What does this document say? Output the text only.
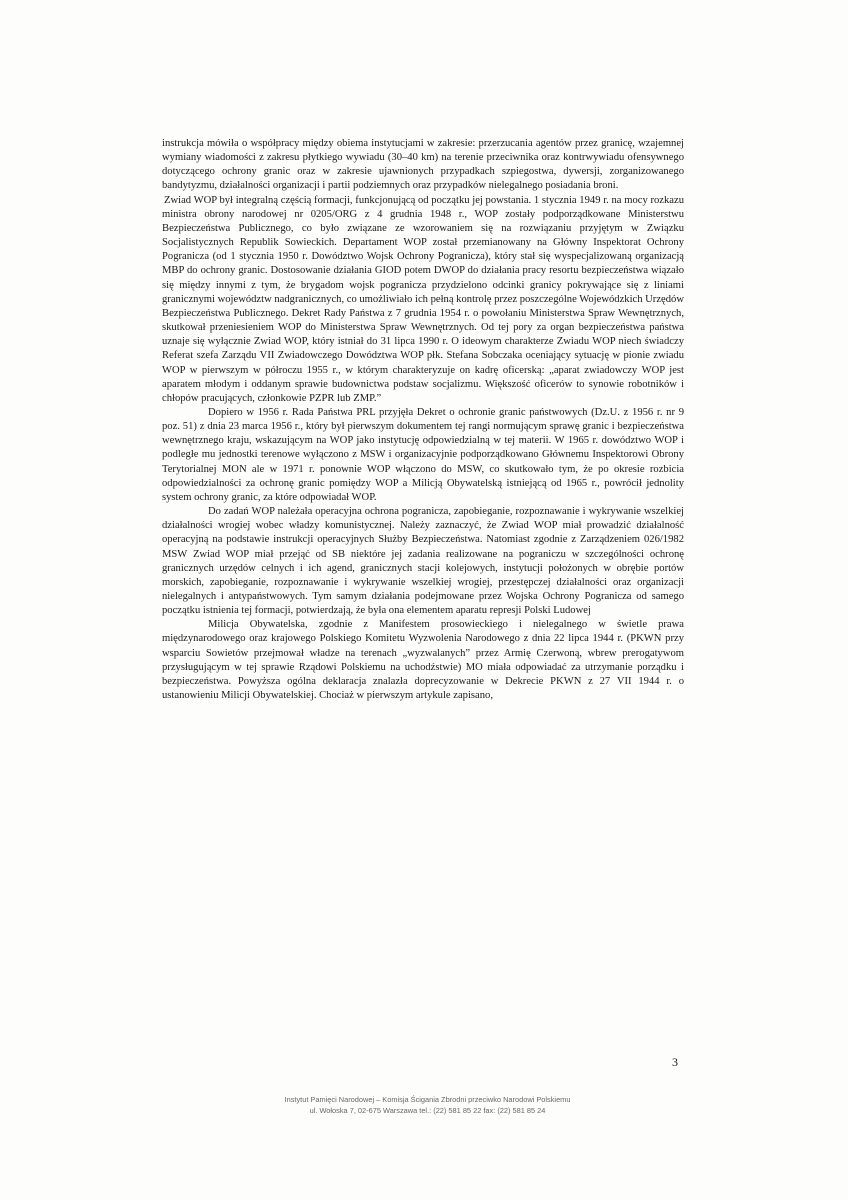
instrukcja mówiła o współpracy między obiema instytucjami w zakresie: przerzucania agentów przez granicę, wzajemnej wymiany wiadomości z zakresu płytkiego wywiadu (30–40 km) na terenie przeciwnika oraz kontrwywiadu ofensywnego dotyczącego ochrony granic oraz w zakresie ujawnionych przypadkach szpiegostwa, dywersji, zorganizowanego bandytyzmu, działalności organizacji i partii podziemnych oraz przypadków nielegalnego posiadania broni.

Zwiad WOP był integralną częścią formacji, funkcjonującą od początku jej powstania. 1 stycznia 1949 r. na mocy rozkazu ministra obrony narodowej nr 0205/ORG z 4 grudnia 1948 r., WOP zostały podporządkowane Ministerstwu Bezpieczeństwa Publicznego, co było związane ze wzorowaniem się na rozwiązaniu przyjętym w Związku Socjalistycznych Republik Sowieckich. Departament WOP został przemianowany na Główny Inspektorat Ochrony Pogranicza (od 1 stycznia 1950 r. Dowództwo Wojsk Ochrony Pogranicza), który stał się wyspecjalizowaną organizacją MBP do ochrony granic. Dostosowanie działania GIOD potem DWOP do działania pracy resortu bezpieczeństwa wiązało się między innymi z tym, że brygadom wojsk pogranicza przydzielono odcinki granicy pokrywające się z liniami granicznymi województw nadgranicznych, co umożliwiało ich pełną kontrolę przez poszczególne Wojewódzkich Urzędów Bezpieczeństwa Publicznego. Dekret Rady Państwa z 7 grudnia 1954 r. o powołaniu Ministerstwa Spraw Wewnętrznych, skutkował przeniesieniem WOP do Ministerstwa Spraw Wewnętrznych. Od tej pory za organ bezpieczeństwa państwa uznaje się wyłącznie Zwiad WOP, który istniał do 31 lipca 1990 r. O ideowym charakterze Zwiadu WOP niech świadczy Referat szefa Zarządu VII Zwiadowczego Dowództwa WOP płk. Stefana Sobczaka oceniający sytuację w pionie zwiadu WOP w pierwszym w półroczu 1955 r., w którym charakteryzuje on kadrę oficerską: „aparat zwiadowczy WOP jest aparatem młodym i oddanym sprawie budownictwa podstaw socjalizmu. Większość oficerów to synowie robotników i chłopów pracujących, członkowie PZPR lub ZMP.”

Dopiero w 1956 r. Rada Państwa PRL przyjęła Dekret o ochronie granic państwowych (Dz.U. z 1956 r. nr 9 poz. 51) z dnia 23 marca 1956 r., który był pierwszym dokumentem tej rangi normującym sprawę granic i bezpieczeństwa wewnętrznego kraju, wskazującym na WOP jako instytucję odpowiedzialną w tej materii. W 1965 r. dowództwo WOP i podległe mu jednostki terenowe wyłączono z MSW i organizacyjnie podporządkowano Głównemu Inspektorowi Obrony Terytorialnej MON ale w 1971 r. ponownie WOP włączono do MSW, co skutkowało tym, że po okresie rozbicia odpowiedzialności za ochronę granic pomiędzy WOP a Milicją Obywatelską istniejącą od 1965 r., powrócił jednolity system ochrony granic, za które odpowiadał WOP.

Do zadań WOP należała operacyjna ochrona pogranicza, zapobieganie, rozpoznawanie i wykrywanie wszelkiej działalności wrogiej wobec władzy komunistycznej. Należy zaznaczyć, że Zwiad WOP miał prowadzić działalność operacyjną na podstawie instrukcji operacyjnych Służby Bezpieczeństwa. Natomiast zgodnie z Zarządzeniem 026/1982 MSW Zwiad WOP miał przejąć od SB niektóre jej zadania realizowane na pograniczu w szczególności ochronę granicznych urzędów celnych i ich agend, granicznych stacji kolejowych, instytucji położonych w obrębie portów morskich, zapobieganie, rozpoznawanie i wykrywanie wszelkiej wrogiej, przestępczej działalności oraz organizacji nielegalnych i antypaństwowych. Tym samym działania podejmowane przez Wojska Ochrony Pogranicza od samego początku istnienia tej formacji, potwierdzają, że była ona elementem aparatu represji Polski Ludowej

Milicja Obywatelska, zgodnie z Manifestem prosowieckiego i nielegalnego w świetle prawa międzynarodowego oraz krajowego Polskiego Komitetu Wyzwolenia Narodowego z dnia 22 lipca 1944 r. (PKWN przy wsparciu Sowietów przejmował władze na terenach „wyzwalanych” przez Armię Czerwoną, wbrew prerogatywom przysługującym w tej sprawie Rządowi Polskiemu na uchodźstwie) MO miała odpowiadać za utrzymanie porządku i bezpieczeństwa. Powyższa ogólna deklaracja znalazła doprecyzowanie w Dekrecie PKWN z 27 VII 1944 r. o ustanowieniu Milicji Obywatelskiej. Chociaż w pierwszym artykule zapisano,

3
Instytut Pamięci Narodowej – Komisja Ścigania Zbrodni przeciwko Narodowi Polskiemu
ul. Wołoska 7, 02-675 Warszawa tel.: (22) 581 85 22 fax: (22) 581 85 24
